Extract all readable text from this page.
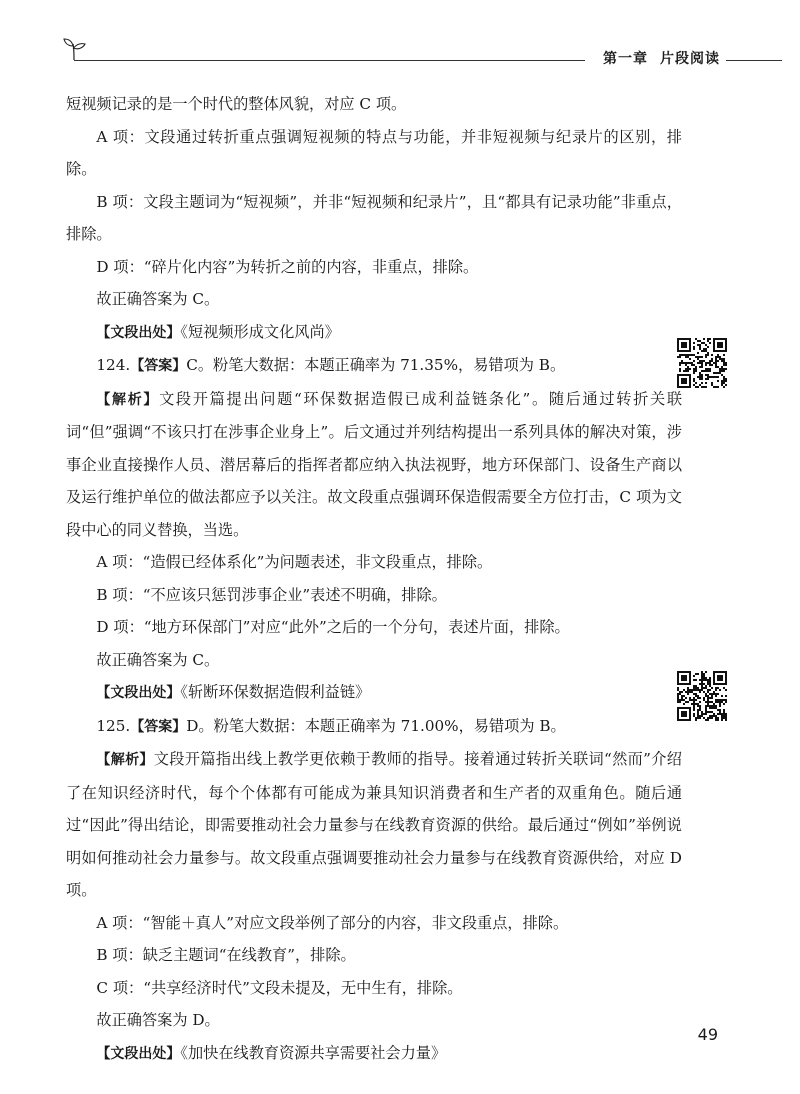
第一章 片段阅读

短视频记录的是一个时代的整体风貌，对应 C 项。

A 项：文段通过转折重点强调短视频的特点与功能，并非短视频与纪录片的区别，排除。

B 项：文段主题词为“短视频”，并非“短视频和纪录片”，且“都具有记录功能”非重点，排除。

D 项：“碎片化内容”为转折之前的内容，非重点，排除。

故正确答案为 C。

【文段出处】《短视频形成文化风尚》

124.【答案】C。粉笔大数据：本题正确率为 71.35%，易错项为 B。

【解析】文段开篇提出问题“环保数据造假已成利益链条化”。随后通过转折关联词“但”强调“不该只打在涉事企业身上”。后文通过并列结构提出一系列具体的解决对策，涉事企业直接操作人员、潜居幕后的指挥者都应纳入执法视野，地方环保部门、设备生产商以及运行维护单位的做法都应予以关注。故文段重点强调环保造假需要全方位打击，C 项为文段中心的同义替换，当选。

A 项：“造假已经体系化”为问题表述，非文段重点，排除。

B 项：“不应该只惩罚涉事企业”表述不明确，排除。

D 项：“地方环保部门”对应“此外”之后的一个分句，表述片面，排除。

故正确答案为 C。

【文段出处】《斩断环保数据造假利益链》

125.【答案】D。粉笔大数据：本题正确率为 71.00%，易错项为 B。

【解析】文段开篇指出线上教学更依赖于教师的指导。接着通过转折关联词“然而”介绍了在知识经济时代，每个个体都有可能成为兼具知识消费者和生产者的双重角色。随后通过“因此”得出结论，即需要推动社会力量参与在线教育资源的供给。最后通过“例如”举例说明如何推动社会力量参与。故文段重点强调要推动社会力量参与在线教育资源供给，对应 D 项。

A 项：“智能＋真人”对应文段举例了部分的内容，非文段重点，排除。

B 项：缺乏主题词“在线教育”，排除。

C 项：“共享经济时代”文段未提及，无中生有，排除。

故正确答案为 D。

【文段出处】《加快在线教育资源共享需要社会力量》

49
